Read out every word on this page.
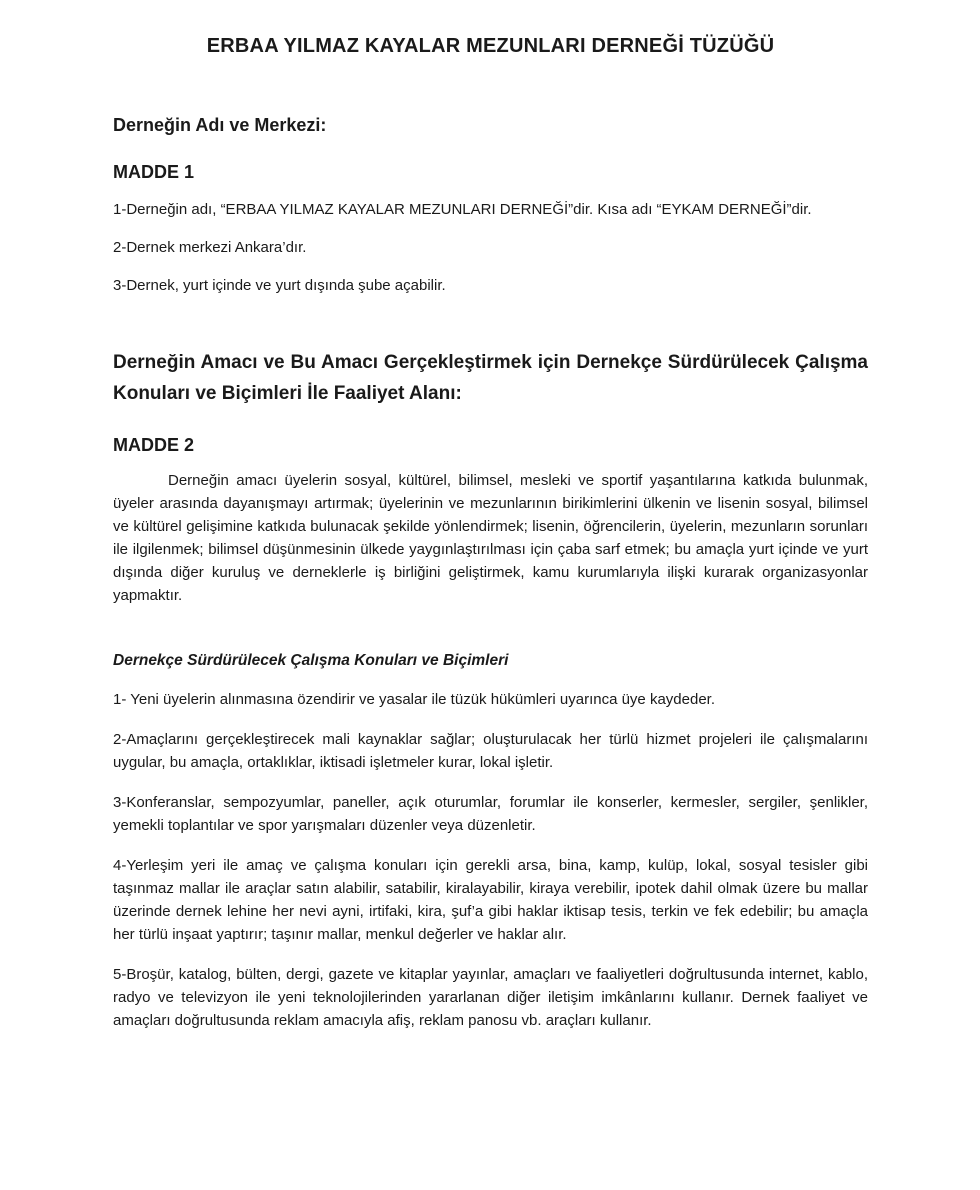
ERBAA YILMAZ KAYALAR MEZUNLARI DERNEĞİ TÜZÜĞÜ
Derneğin Adı ve Merkezi:
MADDE 1

1-Derneğin adı, “ERBAA YILMAZ KAYALAR MEZUNLARI DERNEĞİ”dir. Kısa adı “EYKAM DERNEĞİ”dir.

2-Dernek merkezi Ankara’dır.

3-Dernek, yurt içinde ve yurt dışında şube açabilir.

Derneğin Amacı ve Bu Amacı Gerçekleştirmek için Dernekçe Sürdürülecek Çalışma Konuları ve Biçimleri İle Faaliyet Alanı:
MADDE 2

Derneğin amacı üyelerin sosyal, kültürel, bilimsel, mesleki ve sportif yaşantılarına katkıda bulunmak, üyeler arasında dayanışmayı artırmak; üyelerinin ve mezunlarının birikimlerini ülkenin ve lisenin sosyal, bilimsel ve kültürel gelişimine katkıda bulunacak şekilde yönlendirmek; lisenin, öğrencilerin, üyelerin, mezunların sorunları ile ilgilenmek; bilimsel düşünmesinin ülkede yaygınlaştırılması için çaba sarf etmek; bu amaçla yurt içinde ve yurt dışında diğer kuruluş ve derneklerle iş birliğini geliştirmek, kamu kurumlarıyla ilişki kurarak organizasyonlar yapmaktır.

Dernekçe Sürdürülecek Çalışma Konuları ve Biçimleri

1- Yeni üyelerin alınmasına özendirir ve yasalar ile tüzük hükümleri uyarınca üye kaydeder.

2-Amaçlarını gerçekleştirecek mali kaynaklar sağlar; oluşturulacak her türlü hizmet projeleri ile çalışmalarını uygular, bu amaçla, ortaklıklar, iktisadi işletmeler kurar, lokal işletir.

3-Konferanslar, sempozyumlar, paneller, açık oturumlar, forumlar ile konserler, kermesler, sergiler, şenlikler, yemekli toplantılar ve spor yarışmaları düzenler veya düzenletir.

4-Yerleşim yeri ile amaç ve çalışma konuları için gerekli arsa, bina, kamp, kulüp, lokal, sosyal tesisler gibi taşınmaz mallar ile araçlar satın alabilir, satabilir, kiralayabilir, kiraya verebilir, ipotek dahil olmak üzere bu mallar üzerinde dernek lehine her nevi ayni, irtifaki, kira, şuf’a gibi haklar iktisap tesis, terkin ve fek edebilir; bu amaçla her türlü inşaat yaptırır; taşınır mallar, menkul değerler ve haklar alır.

5-Broşür, katalog, bülten, dergi, gazete ve kitaplar yayınlar, amaçları ve faaliyetleri doğrultusunda internet, kablo, radyo ve televizyon ile yeni teknolojilerinden yararlanan diğer iletişim imkânlarını kullanır. Dernek faaliyet ve amaçları doğrultusunda reklam amacıyla afiş, reklam panosu vb. araçları kullanır.
